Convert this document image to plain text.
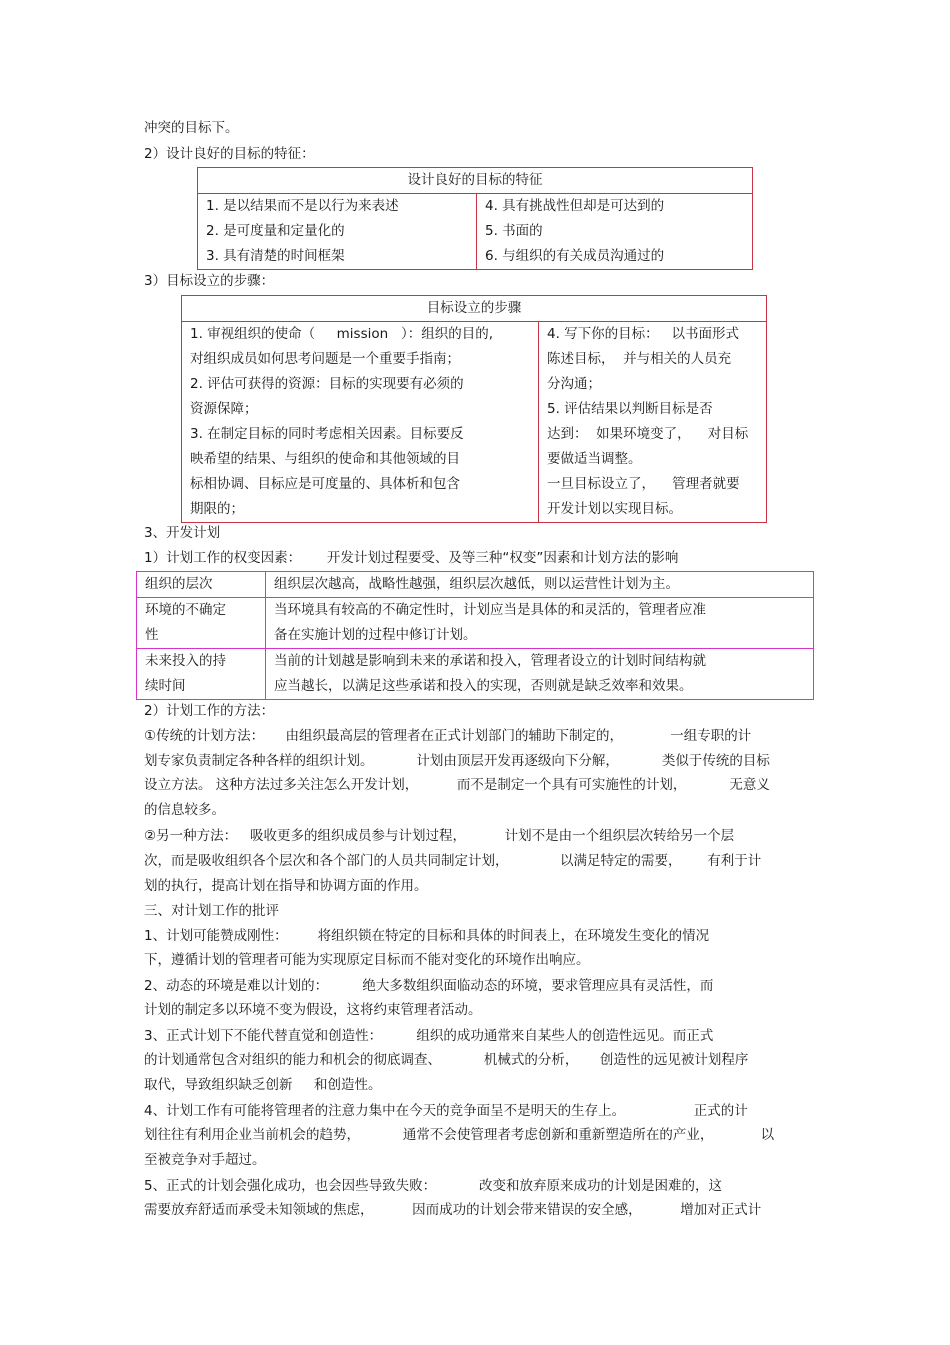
冲突的目标下。
2）设计良好的目标的特征：
设计良好的目标的特征

1. 是以结果而不是以行为来表述
2. 是可度量和定量化的
3. 具有清楚的时间框架

4. 具有挑战性但却是可达到的
5. 书面的
6. 与组织的有关成员沟通过的
3）目标设立的步骤：
目标设立的步骤

1. 审视组织的使命（     mission   ）：组织的目的,
对组织成员如何思考问题是一个重要手指南；
2. 评估可获得的资源：目标的实现要有必须的
资源保障；
3. 在制定目标的同时考虑相关因素。目标要反
映希望的结果、与组织的使命和其他领域的目
标相协调、目标应是可度量的、具体析和包含
期限的；

4. 写下你的目标：   以书面形式
陈述目标，  并与相关的人员充
分沟通；
5. 评估结果以判断目标是否
达到：  如果环境变了，    对目标
要做适当调整。
一旦目标设立了，    管理者就要
开发计划以实现目标。
3、开发计划
1）计划工作的权变因素：      开发计划过程要受、及等三种“权变”因素和计划方法的影响
组织的层次	组织层次越高，战略性越强，组织层次越低，则以运营性计划为主。

环境的不确定
性	当环境具有较高的不确定性时，计划应当是具体的和灵活的，管理者应准
备在实施计划的过程中修订计划。

未来投入的持
续时间	当前的计划越是影响到未来的承诺和投入，管理者设立的计划时间结构就
应当越长，以满足这些承诺和投入的实现，否则就是缺乏效率和效果。
2）计划工作的方法：
①传统的计划方法：     由组织最高层的管理者在正式计划部门的辅助下制定的，           一组专职的计
划专家负责制定各种各样的组织计划。          计划由顶层开发再逐级向下分解，          类似于传统的目标
设立方法。 这种方法过多关注怎么开发计划，         而不是制定一个具有可实施性的计划，          无意义
的信息较多。
②另一种方法：   吸收更多的组织成员参与计划过程，         计划不是由一个组织层次转给另一个层
次，而是吸收组织各个层次和各个部门的人员共同制定计划，            以满足特定的需要，      有利于计
划的执行，提高计划在指导和协调方面的作用。
三、对计划工作的批评
1、计划可能赞成刚性：       将组织锁在特定的目标和具体的时间表上，在环境发生变化的情况
下，遵循计划的管理者可能为实现原定目标而不能对变化的环境作出响应。
2、动态的环境是难以计划的：        绝大多数组织面临动态的环境，要求管理应具有灵活性，而
计划的制定多以环境不变为假设，这将约束管理者活动。
3、正式计划下不能代替直觉和创造性：        组织的成功通常来自某些人的创造性远见。而正式
的计划通常包含对组织的能力和机会的彻底调查、          机械式的分析，     创造性的远见被计划程序
取代，导致组织缺乏创新     和创造性。
4、计划工作有可能将管理者的注意力集中在今天的竞争面呈不是明天的生存上。                正式的计
划往往有利用企业当前机会的趋势，          通常不会使管理者考虑创新和重新塑造所在的产业，           以
至被竞争对手超过。
5、正式的计划会强化成功，也会因些导致失败：          改变和放弃原来成功的计划是困难的，这
需要放弃舒适而承受未知领域的焦虑，         因而成功的计划会带来错误的安全感，         增加对正式计
